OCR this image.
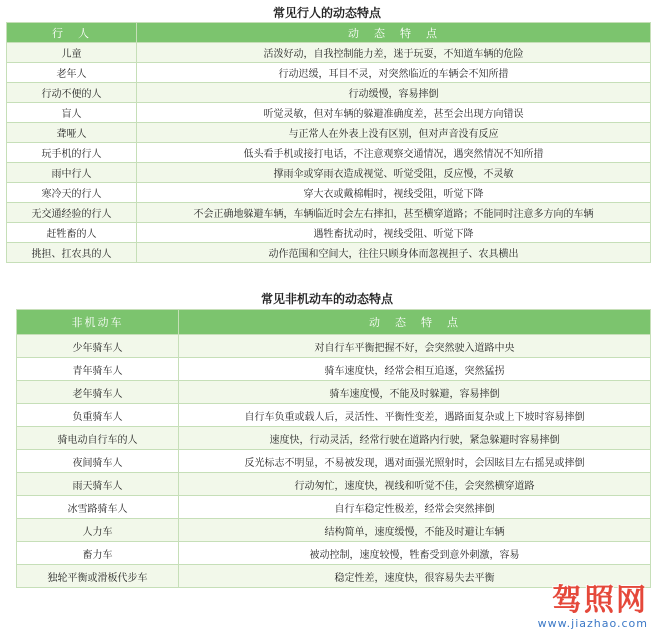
常见行人的动态特点
行　人	动　态　特　点
儿童	活泼好动，自我控制能力差，迷于玩耍，不知道车辆的危险
老年人	行动迟缓，耳目不灵，对突然临近的车辆会不知所措
行动不便的人	行动缓慢，容易摔倒
盲人	听觉灵敏，但对车辆的躲避准确度差，甚至会出现方向错误
聋哑人	与正常人在外表上没有区别，但对声音没有反应
玩手机的行人	低头看手机或接打电话，不注意观察交通情况，遇突然情况不知所措
雨中行人	撑雨伞或穿雨衣造成视觉、听觉受阻，反应慢，不灵敏
寒冷天的行人	穿大衣或戴棉帽时，视线受阻，听觉下降
无交通经验的行人	不会正确地躲避车辆，车辆临近时会左右摔扣，甚至横穿道路；不能同时注意多方向的车辆
赶牲畜的人	遇牲畜扰动时，视线受阻、听觉下降
挑担、扛农具的人	动作范围和空间大，往往只顾身体而忽视担子、农具横出
常见非机动车的动态特点
非机动车	动　态　特　点
少年骑车人	对自行车平衡把握不好，会突然驶入道路中央
青年骑车人	骑车速度快，经常会相互追逐，突然猛拐
老年骑车人	骑车速度慢，不能及时躲避，容易摔倒
负重骑车人	自行车负重或载人后，灵活性、平衡性变差，遇路面复杂或上下坡时容易摔倒
骑电动自行车的人	速度快，行动灵活，经常行驶在道路内行驶，紧急躲避时容易摔倒
夜间骑车人	反光标志不明显，不易被发现，遇对面强光照射时，会因眩目左右摇晃或摔倒
雨天骑车人	行动匆忙，速度快，视线和听觉不佳，会突然横穿道路
冰雪路骑车人	自行车稳定性极差，经常会突然摔倒
人力车	结构简单，速度缓慢，不能及时避让车辆
畜力车	被动控制，速度较慢，牲畜受到意外刺激，容易
独轮平衡或滑板代步车	稳定性差，速度快，很容易失去平衡
驾照网
www.jiazhao.com
